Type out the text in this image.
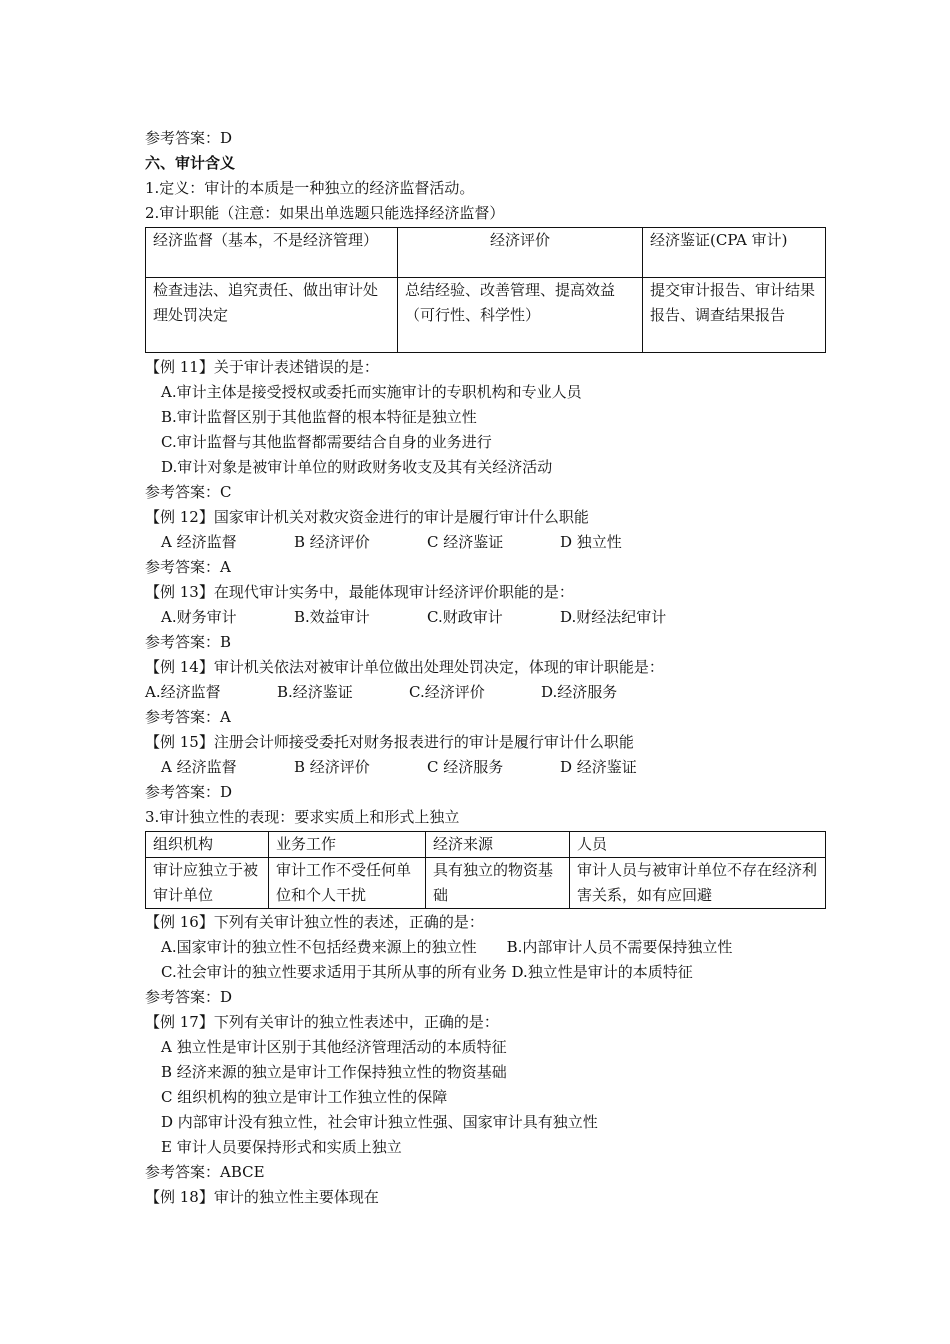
参考答案：D
六、审计含义
1.定义：审计的本质是一种独立的经济监督活动。
2.审计职能（注意：如果出单选题只能选择经济监督）
经济监督（基本，不是经济管理）	经济评价	经济鉴证(CPA 审计)
检查违法、追究责任、做出审计处理处罚决定	总结经验、改善管理、提高效益（可行性、科学性）	提交审计报告、审计结果报告、调查结果报告
【例 11】关于审计表述错误的是：
A.审计主体是接受授权或委托而实施审计的专职机构和专业人员
B.审计监督区别于其他监督的根本特征是独立性
C.审计监督与其他监督都需要结合自身的业务进行
D.审计对象是被审计单位的财政财务收支及其有关经济活动
参考答案：C
【例 12】国家审计机关对救灾资金进行的审计是履行审计什么职能
A 经济监督	B 经济评价	C 经济鉴证	D 独立性
参考答案：A
【例 13】在现代审计实务中，最能体现审计经济评价职能的是：
A.财务审计	B.效益审计	C.财政审计	D.财经法纪审计
参考答案：B
【例 14】审计机关依法对被审计单位做出处理处罚决定，体现的审计职能是：
A.经济监督	B.经济鉴证	C.经济评价	D.经济服务
参考答案：A
【例 15】注册会计师接受委托对财务报表进行的审计是履行审计什么职能
A 经济监督	B 经济评价	C 经济服务	D 经济鉴证
参考答案：D
3.审计独立性的表现：要求实质上和形式上独立
组织机构	业务工作	经济来源	人员
审计应独立于被审计单位	审计工作不受任何单位和个人干扰	具有独立的物资基础	审计人员与被审计单位不存在经济利害关系，如有应回避
【例 16】下列有关审计独立性的表述，正确的是：
A.国家审计的独立性不包括经费来源上的独立性　　B.内部审计人员不需要保持独立性
C.社会审计的独立性要求适用于其所从事的所有业务 D.独立性是审计的本质特征
参考答案：D
【例 17】下列有关审计的独立性表述中，正确的是：
A 独立性是审计区别于其他经济管理活动的本质特征
B 经济来源的独立是审计工作保持独立性的物资基础
C 组织机构的独立是审计工作独立性的保障
D 内部审计没有独立性，社会审计独立性强、国家审计具有独立性
E 审计人员要保持形式和实质上独立
参考答案：ABCE
【例 18】审计的独立性主要体现在
